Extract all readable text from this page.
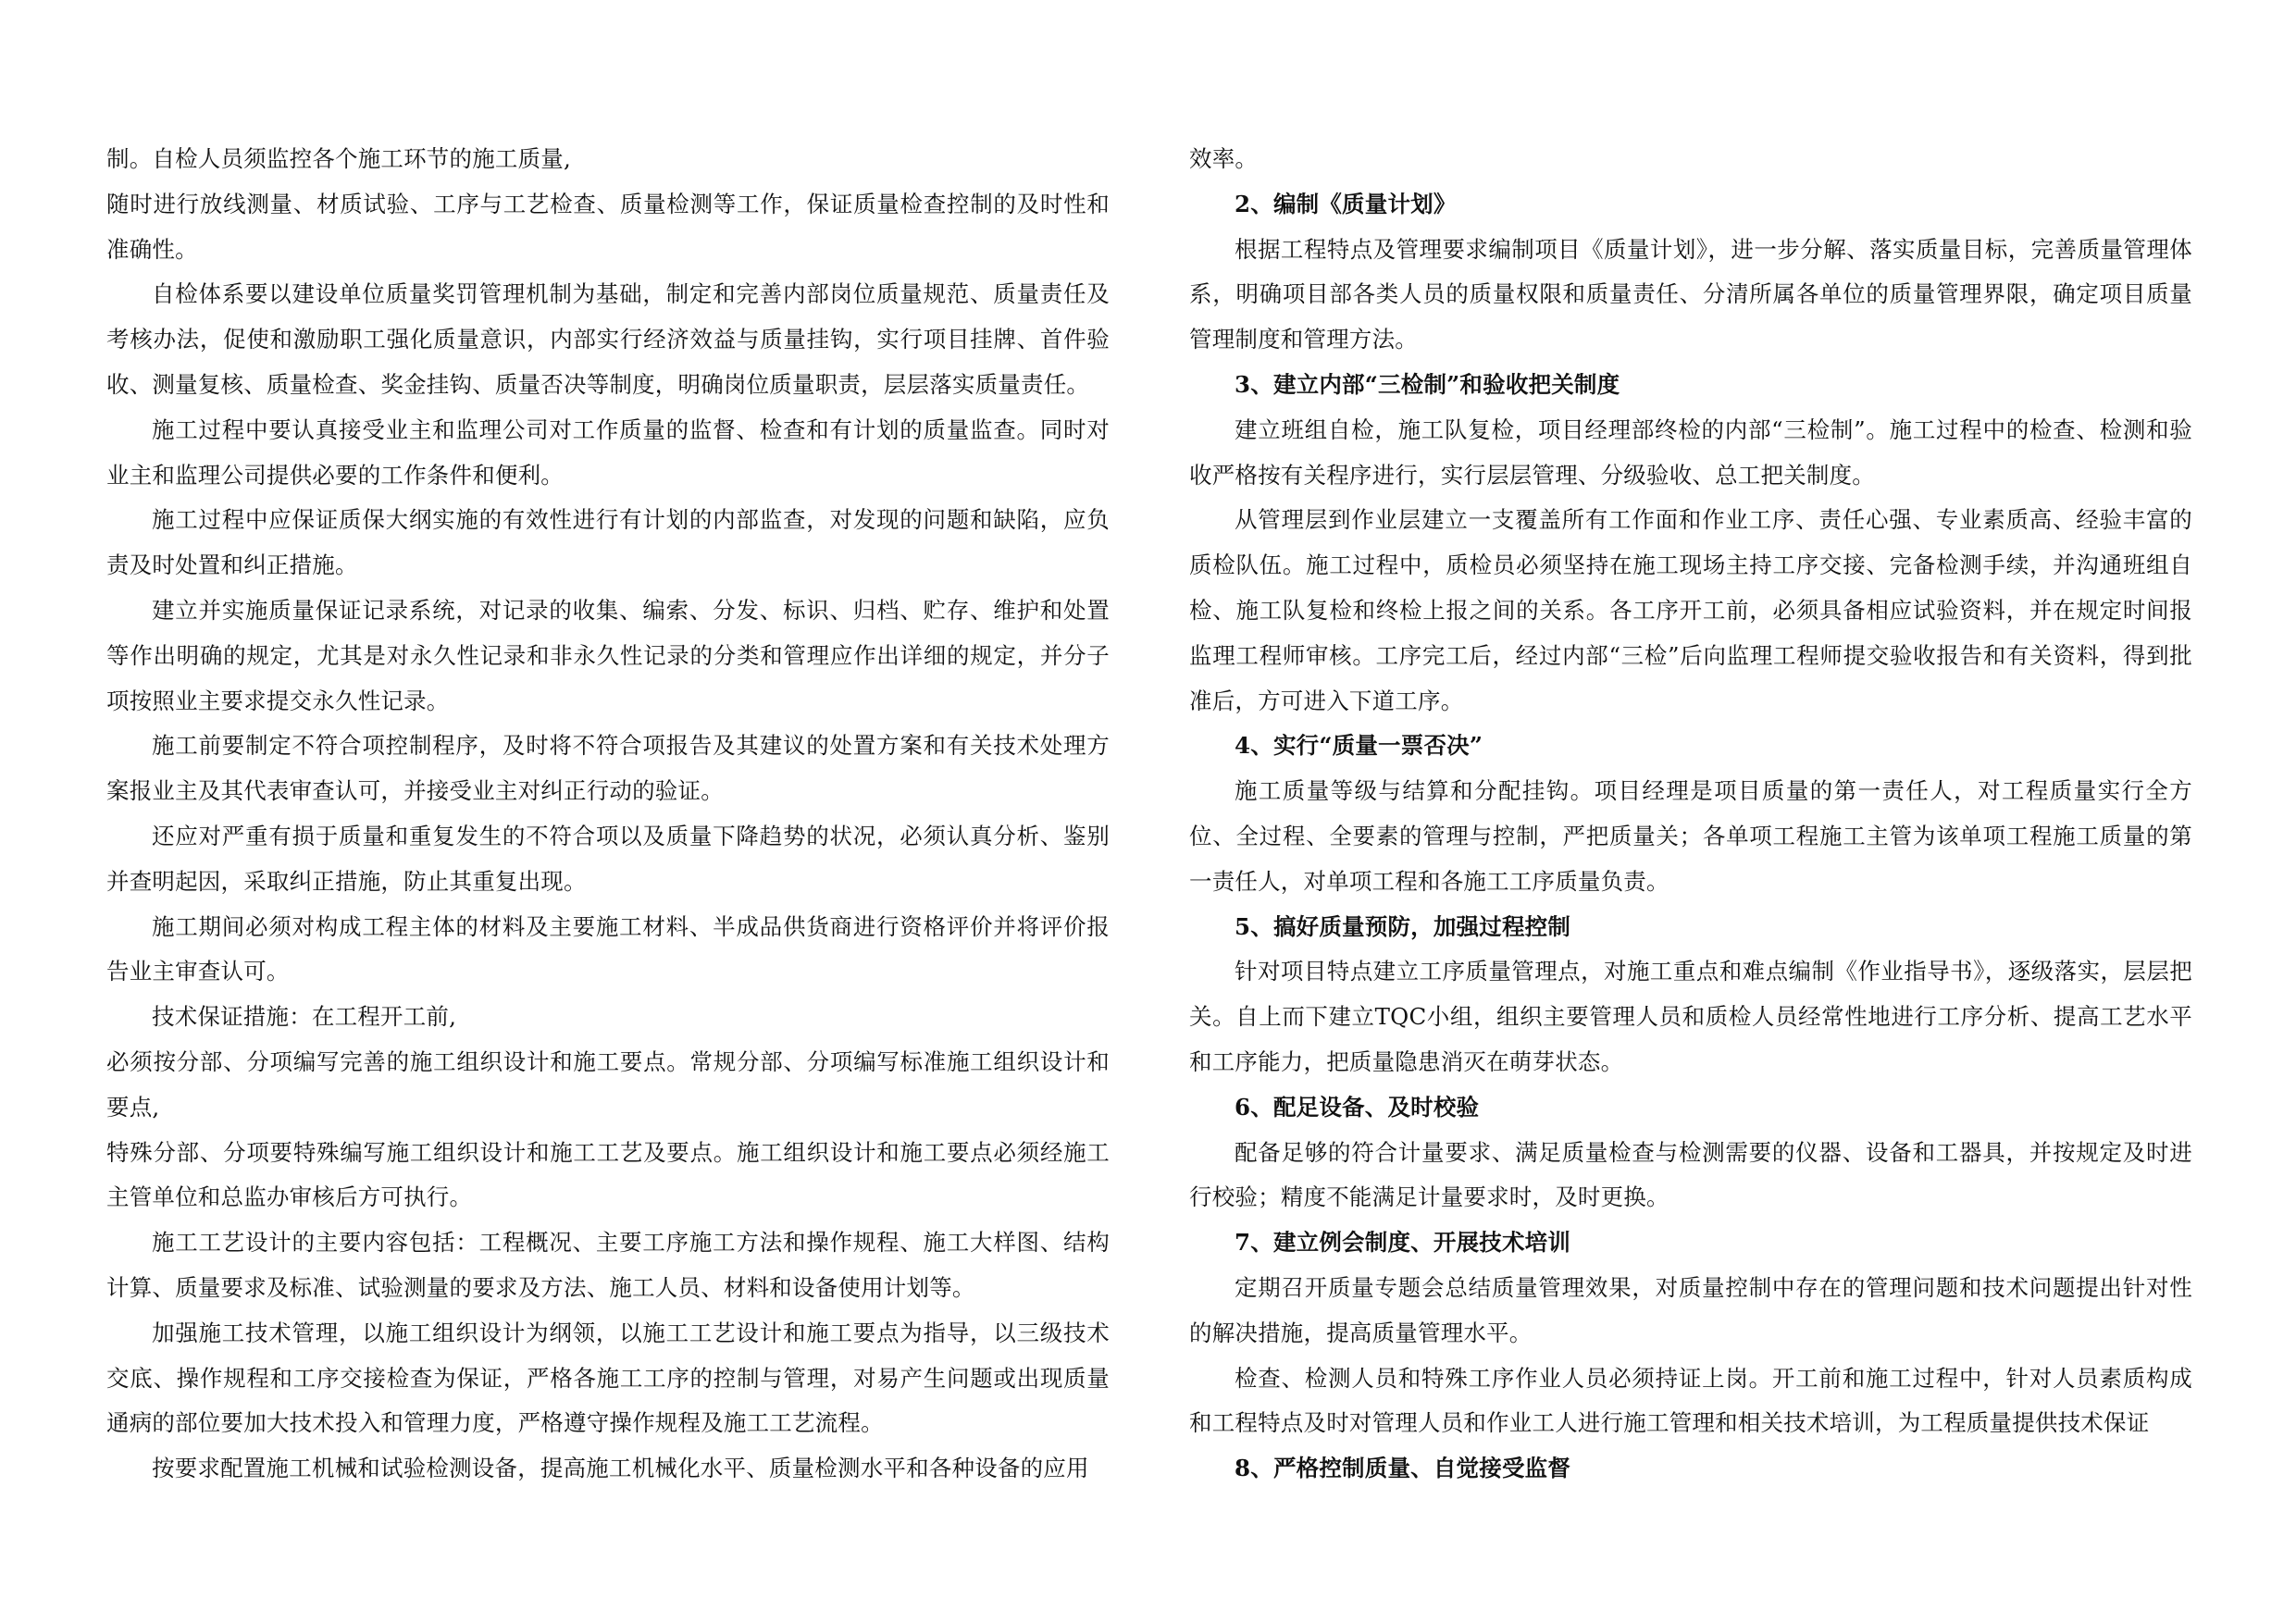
制。自检人员须监控各个施工环节的施工质量,

随时进行放线测量、材质试验、工序与工艺检查、质量检测等工作，保证质量检查控制的及时性和准确性。

自检体系要以建设单位质量奖罚管理机制为基础，制定和完善内部岗位质量规范、质量责任及考核办法，促使和激励职工强化质量意识，内部实行经济效益与质量挂钩，实行项目挂牌、首件验收、测量复核、质量检查、奖金挂钩、质量否决等制度，明确岗位质量职责，层层落实质量责任。

施工过程中要认真接受业主和监理公司对工作质量的监督、检查和有计划的质量监查。同时对业主和监理公司提供必要的工作条件和便利。

施工过程中应保证质保大纲实施的有效性进行有计划的内部监查，对发现的问题和缺陷，应负责及时处置和纠正措施。

建立并实施质量保证记录系统，对记录的收集、编索、分发、标识、归档、贮存、维护和处置等作出明确的规定，尤其是对永久性记录和非永久性记录的分类和管理应作出详细的规定，并分子项按照业主要求提交永久性记录。

施工前要制定不符合项控制程序，及时将不符合项报告及其建议的处置方案和有关技术处理方案报业主及其代表审查认可，并接受业主对纠正行动的验证。

还应对严重有损于质量和重复发生的不符合项以及质量下降趋势的状况，必须认真分析、鉴别并查明起因，采取纠正措施，防止其重复出现。

施工期间必须对构成工程主体的材料及主要施工材料、半成品供货商进行资格评价并将评价报告业主审查认可。

技术保证措施：在工程开工前,

必须按分部、分项编写完善的施工组织设计和施工要点。常规分部、分项编写标准施工组织设计和要点,

特殊分部、分项要特殊编写施工组织设计和施工工艺及要点。施工组织设计和施工要点必须经施工主管单位和总监办审核后方可执行。

施工工艺设计的主要内容包括：工程概况、主要工序施工方法和操作规程、施工大样图、结构计算、质量要求及标准、试验测量的要求及方法、施工人员、材料和设备使用计划等。

加强施工技术管理，以施工组织设计为纲领，以施工工艺设计和施工要点为指导，以三级技术交底、操作规程和工序交接检查为保证，严格各施工工序的控制与管理，对易产生问题或出现质量通病的部位要加大技术投入和管理力度，严格遵守操作规程及施工工艺流程。

按要求配置施工机械和试验检测设备，提高施工机械化水平、质量检测水平和各种设备的应用

效率。

2、编制《质量计划》

根据工程特点及管理要求编制项目《质量计划》，进一步分解、落实质量目标，完善质量管理体系，明确项目部各类人员的质量权限和质量责任、分清所属各单位的质量管理界限，确定项目质量管理制度和管理方法。

3、建立内部“三检制”和验收把关制度

建立班组自检，施工队复检，项目经理部终检的内部“三检制”。施工过程中的检查、检测和验收严格按有关程序进行，实行层层管理、分级验收、总工把关制度。

从管理层到作业层建立一支覆盖所有工作面和作业工序、责任心强、专业素质高、经验丰富的质检队伍。施工过程中，质检员必须坚持在施工现场主持工序交接、完备检测手续，并沟通班组自检、施工队复检和终检上报之间的关系。各工序开工前，必须具备相应试验资料，并在规定时间报监理工程师审核。工序完工后，经过内部“三检”后向监理工程师提交验收报告和有关资料，得到批准后，方可进入下道工序。

4、实行“质量一票否决”

施工质量等级与结算和分配挂钩。项目经理是项目质量的第一责任人，对工程质量实行全方位、全过程、全要素的管理与控制，严把质量关；各单项工程施工主管为该单项工程施工质量的第一责任人，对单项工程和各施工工序质量负责。

5、搞好质量预防，加强过程控制

针对项目特点建立工序质量管理点，对施工重点和难点编制《作业指导书》，逐级落实，层层把关。自上而下建立TQC小组，组织主要管理人员和质检人员经常性地进行工序分析、提高工艺水平和工序能力，把质量隐患消灭在萌芽状态。

6、配足设备、及时校验

配备足够的符合计量要求、满足质量检查与检测需要的仪器、设备和工器具，并按规定及时进行校验；精度不能满足计量要求时，及时更换。

7、建立例会制度、开展技术培训

定期召开质量专题会总结质量管理效果，对质量控制中存在的管理问题和技术问题提出针对性的解决措施，提高质量管理水平。

检查、检测人员和特殊工序作业人员必须持证上岗。开工前和施工过程中，针对人员素质构成和工程特点及时对管理人员和作业工人进行施工管理和相关技术培训，为工程质量提供技术保证

8、严格控制质量、自觉接受监督
